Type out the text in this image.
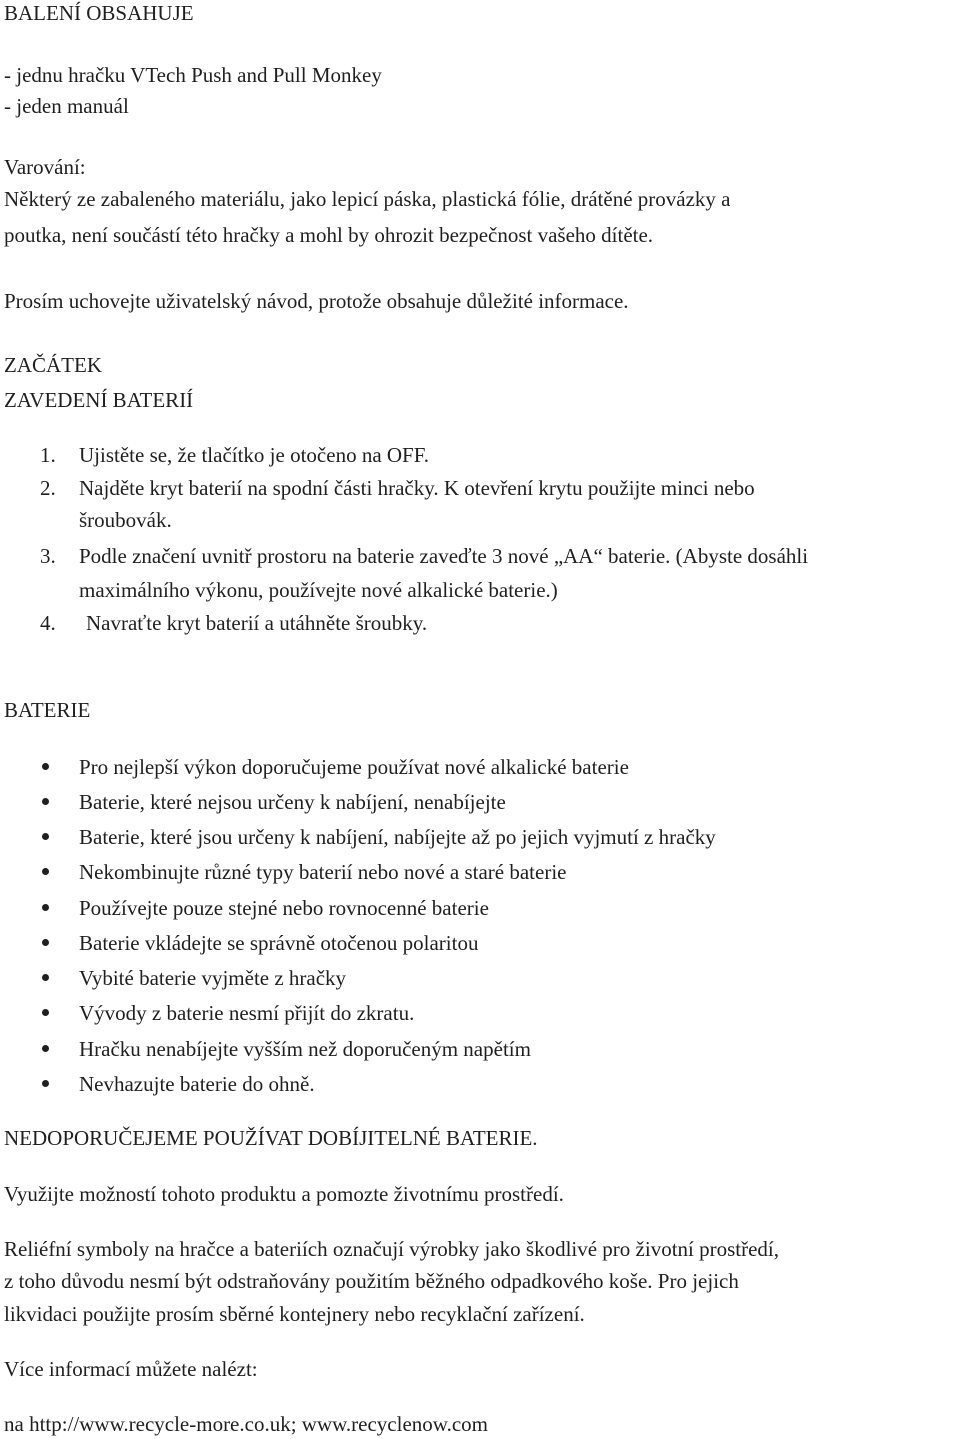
BALENÍ OBSAHUJE
- jednu hračku VTech Push and Pull Monkey
- jeden manuál
Varování:
Některý ze zabaleného materiálu, jako lepicí páska, plastická fólie, drátěné provázky a
poutka, není součástí této hračky a mohl by ohrozit bezpečnost vašeho dítěte.
Prosím uchovejte uživatelský návod, protože obsahuje důležité informace.
ZAČÁTEK
ZAVEDENÍ BATERIÍ
1. Ujistěte se, že tlačítko je otočeno na OFF.
2. Najděte kryt baterií na spodní části hračky. K otevření krytu použijte minci nebo
šroubovák.
3. Podle značení uvnitř prostoru na baterie zaveďte 3 nové „AA“ baterie. (Abyste dosáhli
maximálního výkonu, používejte nové alkalické baterie.)
4. Navraťte kryt baterií a utáhněte šroubky.
BATERIE
Pro nejlepší výkon doporučujeme používat nové alkalické baterie
Baterie, které nejsou určeny k nabíjení, nenabíjejte
Baterie, které jsou určeny k nabíjení, nabíjejte až po jejich vyjmutí z hračky
Nekombinujte různé typy baterií nebo nové a staré baterie
Používejte pouze stejné nebo rovnocenné baterie
Baterie vkládejte se správně otočenou polaritou
Vybité baterie vyjměte z hračky
Vývody z baterie nesmí přijít do zkratu.
Hračku nenabíjejte vyšším než doporučeným napětím
Nevhazujte baterie do ohně.
NEDOPORUČEJEME POUŽÍVAT DOBÍJITELNÉ BATERIE.
Využijte možností tohoto produktu a pomozte životnímu prostředí.
Reliéfní symboly na hračce a bateriích označují výrobky jako škodlivé pro životní prostředí,
z toho důvodu nesmí být odstraňovány použitím běžného odpadkového koše. Pro jejich
likvidaci použijte prosím sběrné kontejnery nebo recyklační zařízení.
Více informací můžete nalézt:
na http://www.recycle-more.co.uk; www.recyclenow.com
